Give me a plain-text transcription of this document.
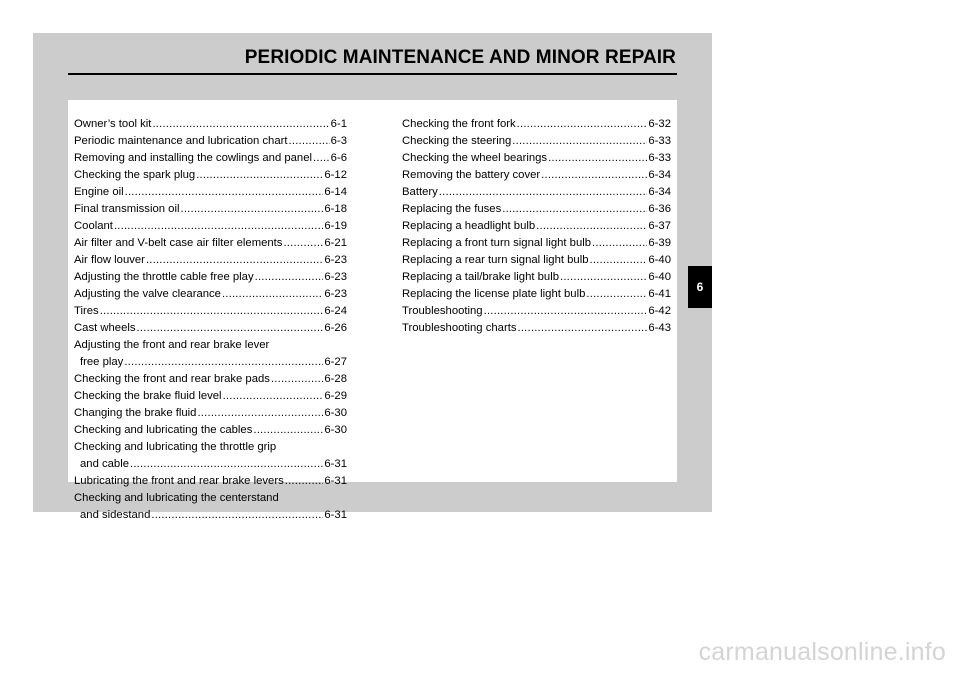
PERIODIC MAINTENANCE AND MINOR REPAIR
Owner’s tool kit .....	6-1
Periodic maintenance and lubrication chart .....	6-3
Removing and installing the cowlings and panel ..... 6-6
Checking the spark plug .....	6-12
Engine oil .....	6-14
Final transmission oil .....	6-18
Coolant .....	6-19
Air filter and V-belt case air filter elements .....	6-21
Air flow louver .....	6-23
Adjusting the throttle cable free play .....	6-23
Adjusting the valve clearance .....	6-23
Tires .....	6-24
Cast wheels .....	6-26
Adjusting the front and rear brake lever
free play .....	6-27
Checking the front and rear brake pads .....	6-28
Checking the brake fluid level .....	6-29
Changing the brake fluid .....	6-30
Checking and lubricating the cables .....	6-30
Checking and lubricating the throttle grip
and cable .....	6-31
Lubricating the front and rear brake levers .....	6-31
Checking and lubricating the centerstand
and sidestand .....	6-31
Checking the front fork .....	6-32
Checking the steering .....	6-33
Checking the wheel bearings .....	6-33
Removing the battery cover .....	6-34
Battery .....	6-34
Replacing the fuses .....	6-36
Replacing a headlight bulb .....	6-37
Replacing a front turn signal light bulb .....	6-39
Replacing a rear turn signal light bulb .....	6-40
Replacing a tail/brake light bulb .....	6-40
Replacing the license plate light bulb .....	6-41
Troubleshooting .....	6-42
Troubleshooting charts .....	6-43
6
carmanualsonline.info
